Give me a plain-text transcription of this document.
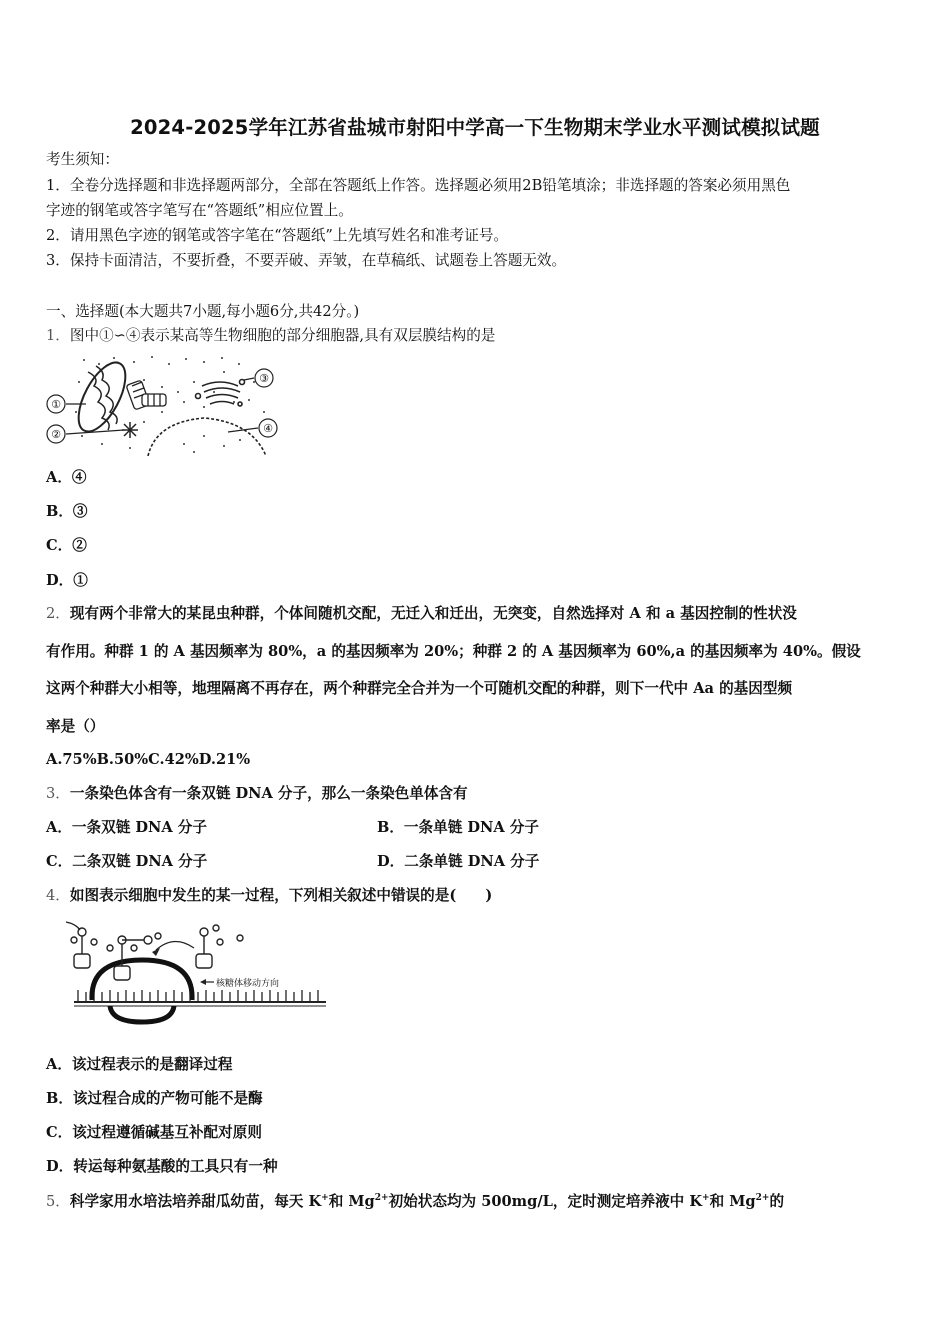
2024-2025学年江苏省盐城市射阳中学高一下生物期末学业水平测试模拟试题
考生须知：
1．全卷分选择题和非选择题两部分，全部在答题纸上作答。选择题必须用2B铅笔填涂；非选择题的答案必须用黑色
字迹的钢笔或答字笔写在“答题纸”相应位置上。
2．请用黑色字迹的钢笔或答字笔在“答题纸”上先填写姓名和准考证号。
3．保持卡面清洁，不要折叠，不要弄破、弄皱，在草稿纸、试题卷上答题无效。
一、选择题(本大题共7小题,每小题6分,共42分。)
1．图中①∽④表示某高等生物细胞的部分细胞器,具有双层膜结构的是
①
②
③
④
A．④
B．③
C．②
D．①
2．现有两个非常大的某昆虫种群，个体间随机交配，无迁入和迁出，无突变，自然选择对 A 和 a 基因控制的性状没
有作用。种群 1 的 A 基因频率为 80%，a 的基因频率为 20%；种群 2 的 A 基因频率为 60%,a 的基因频率为 40%。假设
这两个种群大小相等，地理隔离不再存在，两个种群完全合并为一个可随机交配的种群，则下一代中 Aa 的基因型频
率是（）
A.75%B.50%C.42%D.21%
3．一条染色体含有一条双链 DNA 分子，那么一条染色单体含有
A．一条双链 DNA 分子	B．一条单链 DNA 分子
C．二条双链 DNA 分子	D．二条单链 DNA 分子
4．如图表示细胞中发生的某一过程，下列相关叙述中错误的是(　　)
核糖体移动方向
A．该过程表示的是翻译过程
B．该过程合成的产物可能不是酶
C．该过程遵循碱基互补配对原则
D．转运每种氨基酸的工具只有一种
5．科学家用水培法培养甜瓜幼苗，每天 K+和 $Mg^{2+}$初始状态均为 500mg/L，定时测定培养液中 K+和 $Mg^{2+}$的
